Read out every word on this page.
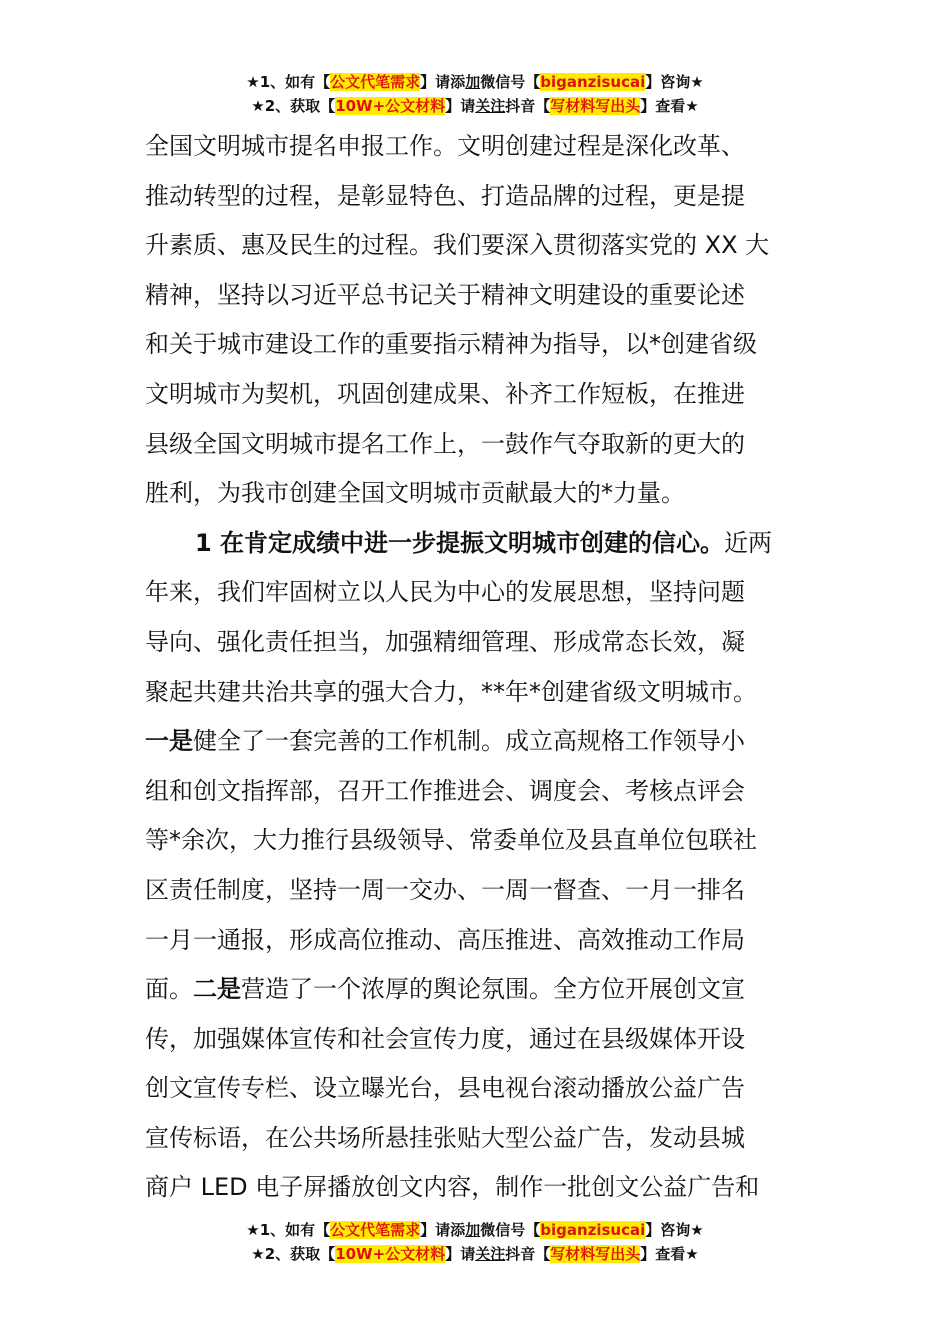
★1、如有【公文代笔需求】请添加微信号【biganzisucai】咨询★
★2、获取【10W+公文材料】请关注抖音【写材料写出头】查看★
全国文明城市提名申报工作。文明创建过程是深化改革、
推动转型的过程，是彰显特色、打造品牌的过程，更是提
升素质、惠及民生的过程。我们要深入贯彻落实党的 XX 大
精神，坚持以习近平总书记关于精神文明建设的重要论述
和关于城市建设工作的重要指示精神为指导，以*创建省级
文明城市为契机，巩固创建成果、补齐工作短板，在推进
县级全国文明城市提名工作上，一鼓作气夺取新的更大的
胜利，为我市创建全国文明城市贡献最大的*力量。
1 在肯定成绩中进一步提振文明城市创建的信心。近两
年来，我们牢固树立以人民为中心的发展思想，坚持问题
导向、强化责任担当，加强精细管理、形成常态长效，凝
聚起共建共治共享的强大合力，**年*创建省级文明城市。
一是健全了一套完善的工作机制。成立高规格工作领导小
组和创文指挥部，召开工作推进会、调度会、考核点评会
等*余次，大力推行县级领导、常委单位及县直单位包联社
区责任制度，坚持一周一交办、一周一督查、一月一排名
一月一通报，形成高位推动、高压推进、高效推动工作局
面。二是营造了一个浓厚的舆论氛围。全方位开展创文宣
传，加强媒体宣传和社会宣传力度，通过在县级媒体开设
创文宣传专栏、设立曝光台，县电视台滚动播放公益广告
宣传标语，在公共场所悬挂张贴大型公益广告，发动县城
商户 LED 电子屏播放创文内容，制作一批创文公益广告和
★1、如有【公文代笔需求】请添加微信号【biganzisucai】咨询★
★2、获取【10W+公文材料】请关注抖音【写材料写出头】查看★
